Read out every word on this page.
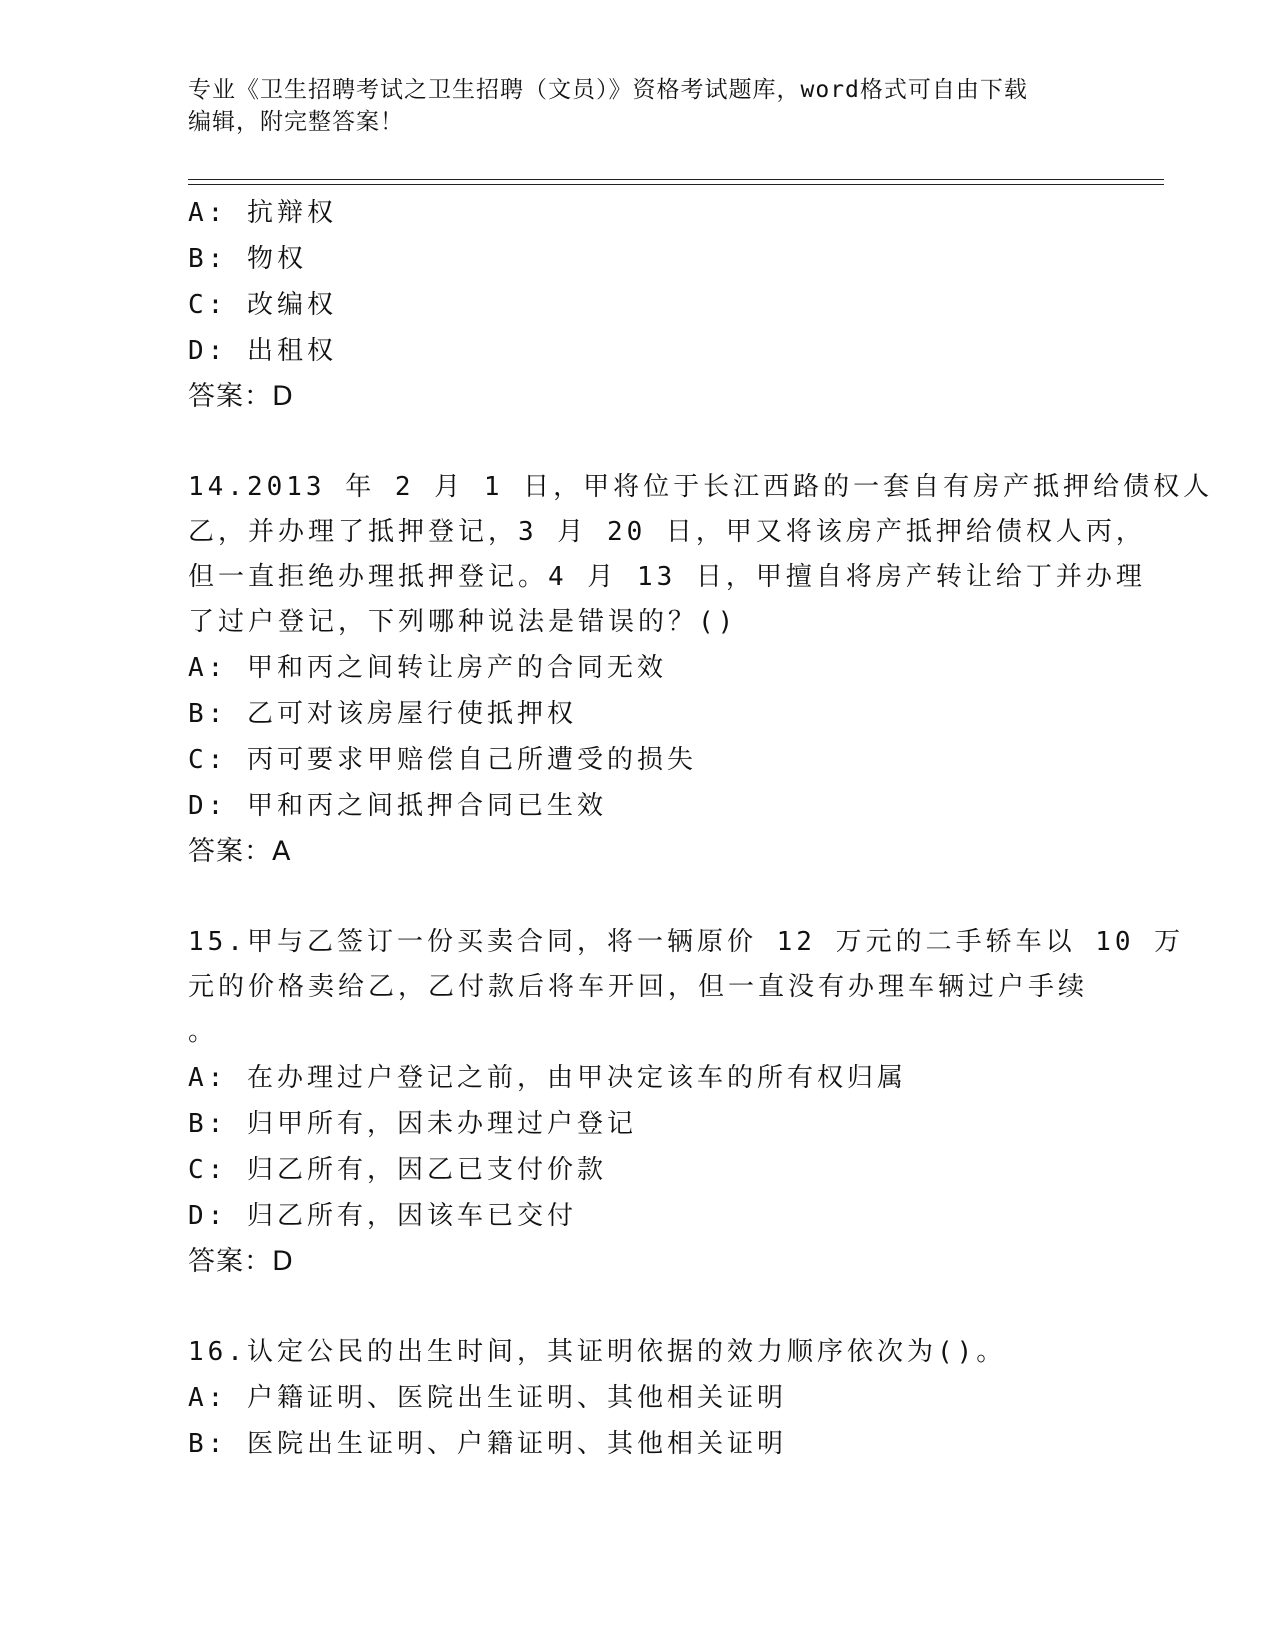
专业《卫生招聘考试之卫生招聘（文员）》资格考试题库，word格式可自由下载
编辑，附完整答案！
A: 抗辩权
B: 物权
C: 改编权
D: 出租权
答案：D
14.2013 年 2 月 1 日，甲将位于长江西路的一套自有房产抵押给债权人
乙，并办理了抵押登记，3 月 20 日，甲又将该房产抵押给债权人丙，
但一直拒绝办理抵押登记。4 月 13 日，甲擅自将房产转让给丁并办理
了过户登记，下列哪种说法是错误的？()
A: 甲和丙之间转让房产的合同无效
B: 乙可对该房屋行使抵押权
C: 丙可要求甲赔偿自己所遭受的损失
D: 甲和丙之间抵押合同已生效
答案：A
15.甲与乙签订一份买卖合同，将一辆原价 12 万元的二手轿车以 10 万
元的价格卖给乙，乙付款后将车开回，但一直没有办理车辆过户手续
。
A: 在办理过户登记之前，由甲决定该车的所有权归属
B: 归甲所有，因未办理过户登记
C: 归乙所有，因乙已支付价款
D: 归乙所有，因该车已交付
答案：D
16.认定公民的出生时间，其证明依据的效力顺序依次为()。
A: 户籍证明、医院出生证明、其他相关证明
B: 医院出生证明、户籍证明、其他相关证明
